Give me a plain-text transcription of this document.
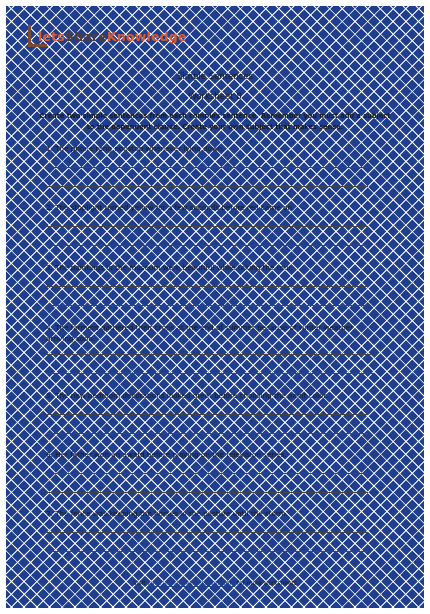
letsShareKnowledge
Simple Sentences
Worksheet 8
Create two simple sentences from each complex sentence. Remember you must add a subject to the dependent clause. Create your own subject that makes sense.
1. The phone rang nonstop whenever lying down.
2. The stoplight turned yellow for a few seconds before red came on.
3. The paintings in the museum were beautiful while taking the tour.
4. The farmers gathered their crops at the end of summer because of winter weather arriving soon.
5. The new bedroom decorations looked great before choosing the paint color.
6. Her father won an award before playing on the television series.
7. The fence was keeping the horses in the pasture until the storm.
Visit www.letsshareknowledge.com for more worksheets
